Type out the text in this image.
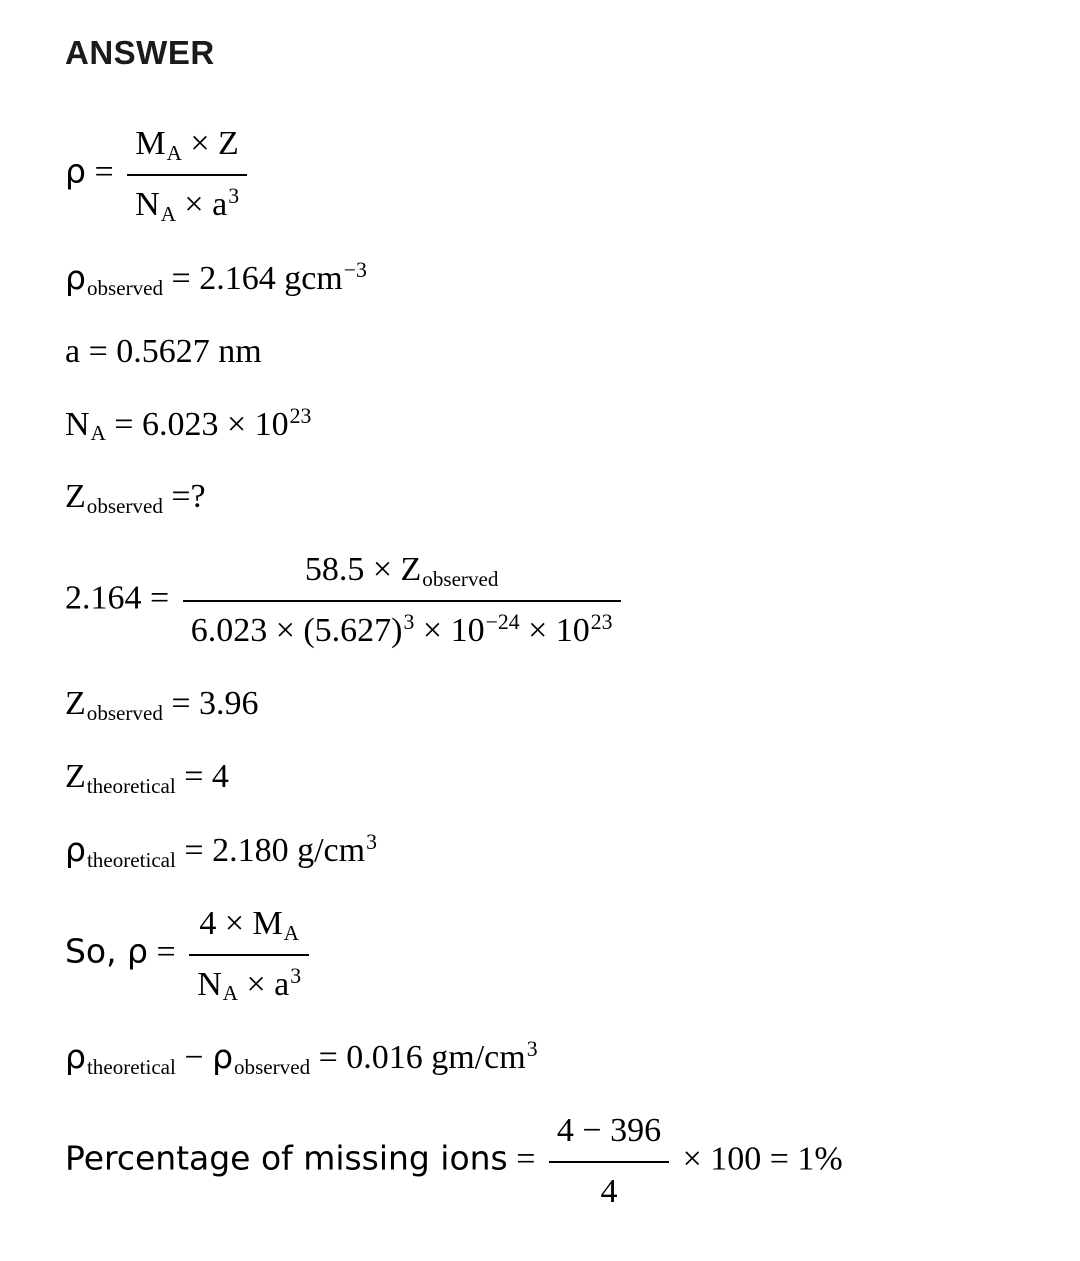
ANSWER
$\rho = \frac{M_A \times Z}{N_A \times a^3}$
$\rho_{observed} = 2.164$ gcm$^{-3}$
a = 0.5627 nm
$N_A = 6.023 \times 10^{23}$
$Z_{observed}$ =?
$2.164 = \frac{58.5 \times Z_{observed}}{6.023 \times (5.627)^3 \times 10^{-24} \times 10^{23}}$
$Z_{observed} = 3.96$
$Z_{theoretical} = 4$
$\rho_{theoretical} = 2.180$ $g/cm^3$
So, $\rho = \frac{4 \times M_A}{N_A \times a^3}$
$\rho_{theoretical} - \rho_{observed} = 0.016$ $gm/cm^3$
Percentage of missing ions = $\frac{4 - 396}{4} \times 100 = 1\%$
